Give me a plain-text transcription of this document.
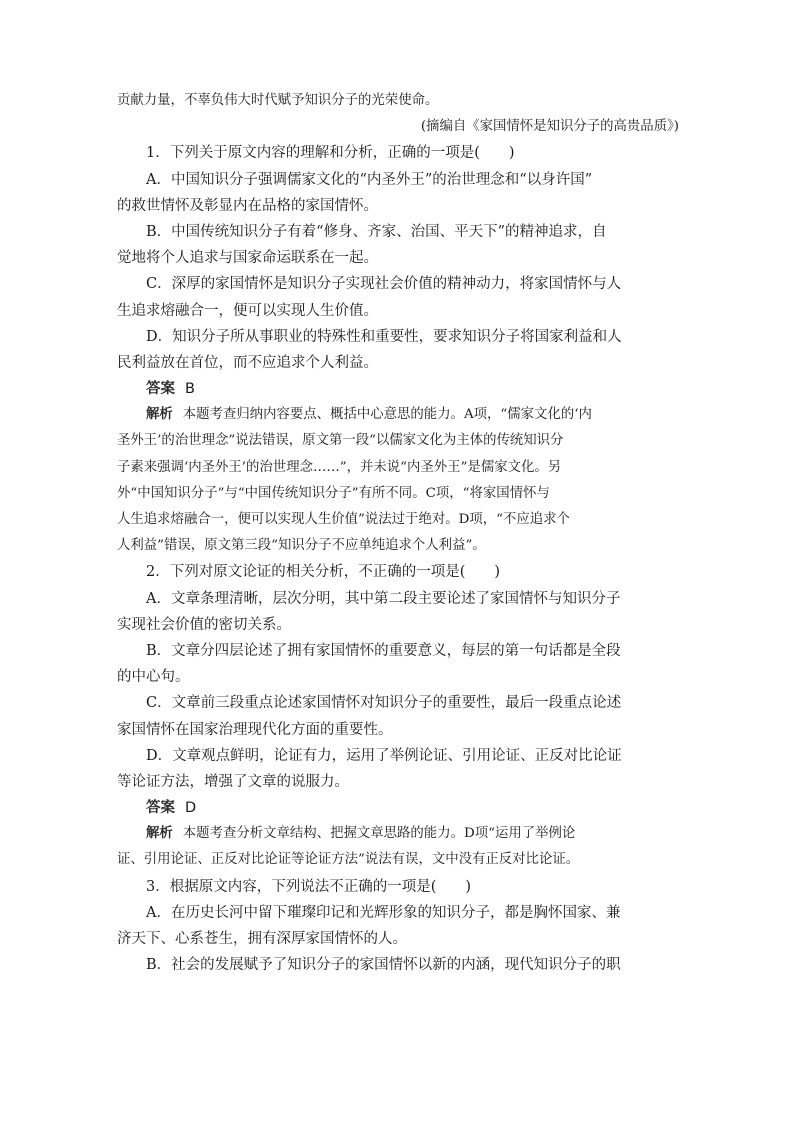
贡献力量，不辜负伟大时代赋予知识分子的光荣使命。
(摘编自《家国情怀是知识分子的高贵品质》)
1．下列关于原文内容的理解和分析，正确的一项是(　　)
A．中国知识分子强调儒家文化的“内圣外王”的治世理念和“以身许国”
的救世情怀及彰显内在品格的家国情怀。
B．中国传统知识分子有着“修身、齐家、治国、平天下”的精神追求，自
觉地将个人追求与国家命运联系在一起。
C．深厚的家国情怀是知识分子实现社会价值的精神动力，将家国情怀与人
生追求熔融合一，便可以实现人生价值。
D．知识分子所从事职业的特殊性和重要性，要求知识分子将国家利益和人
民利益放在首位，而不应追求个人利益。
答案 B
解析 本题考查归纳内容要点、概括中心意思的能力。A项，“儒家文化的‘内
圣外王’的治世理念”说法错误，原文第一段“以儒家文化为主体的传统知识分
子素来强调‘内圣外王’的治世理念……”，并未说“内圣外王”是儒家文化。另
外“中国知识分子”与“中国传统知识分子”有所不同。C项，“将家国情怀与
人生追求熔融合一，便可以实现人生价值”说法过于绝对。D项，“不应追求个
人利益”错误，原文第三段“知识分子不应单纯追求个人利益”。
2．下列对原文论证的相关分析，不正确的一项是(　　)
A．文章条理清晰，层次分明，其中第二段主要论述了家国情怀与知识分子
实现社会价值的密切关系。
B．文章分四层论述了拥有家国情怀的重要意义，每层的第一句话都是全段
的中心句。
C．文章前三段重点论述家国情怀对知识分子的重要性，最后一段重点论述
家国情怀在国家治理现代化方面的重要性。
D．文章观点鲜明，论证有力，运用了举例论证、引用论证、正反对比论证
等论证方法，增强了文章的说服力。
答案 D
解析 本题考查分析文章结构、把握文章思路的能力。D项“运用了举例论
证、引用论证、正反对比论证等论证方法”说法有误，文中没有正反对比论证。
3．根据原文内容，下列说法不正确的一项是(　　)
A．在历史长河中留下璀璨印记和光辉形象的知识分子，都是胸怀国家、兼
济天下、心系苍生，拥有深厚家国情怀的人。
B．社会的发展赋予了知识分子的家国情怀以新的内涵，现代知识分子的职
